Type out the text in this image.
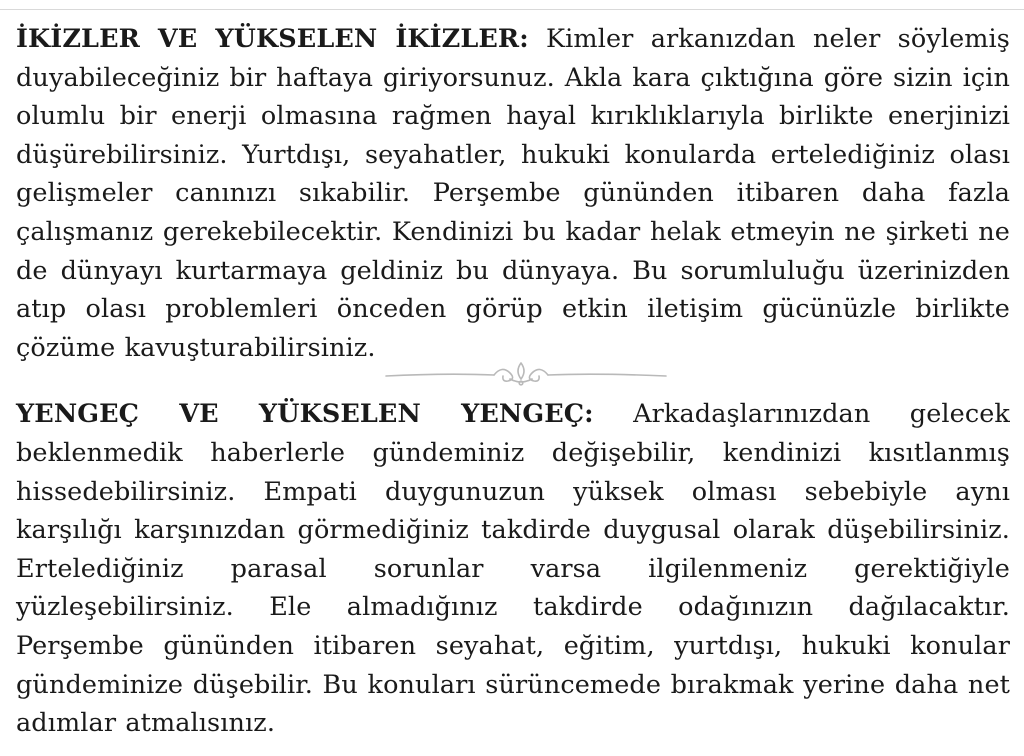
İKİZLER VE YÜKSELEN İKİZLER: Kimler arkanızdan neler söylemiş duyabileceğiniz bir haftaya giriyorsunuz. Akla kara çıktığına göre sizin için olumlu bir enerji olmasına rağmen hayal kırıklıklarıyla birlikte enerjinizi düşürebilirsiniz. Yurtdışı, seyahatler, hukuki konularda ertelediğiniz olası gelişmeler canınızı sıkabilir. Perşembe gününden itibaren daha fazla çalışmanız gerekebilecektir. Kendinizi bu kadar helak etmeyin ne şirketi ne de dünyayı kurtarmaya geldiniz bu dünyaya. Bu sorumluluğu üzerinizden atıp olası problemleri önceden görüp etkin iletişim gücünüzle birlikte çözüme kavuşturabilirsiniz.

YENGEÇ VE YÜKSELEN YENGEÇ: Arkadaşlarınızdan gelecek beklenmedik haberlerle gündeminiz değişebilir, kendinizi kısıtlanmış hissedebilirsiniz. Empati duygunuzun yüksek olması sebebiyle aynı karşılığı karşınızdan görmediğiniz takdirde duygusal olarak düşebilirsiniz. Ertelediğiniz parasal sorunlar varsa ilgilenmeniz gerektiğiyle yüzleşebilirsiniz. Ele almadığınız takdirde odağınızın dağılacaktır. Perşembe gününden itibaren seyahat, eğitim, yurtdışı, hukuki konular gündeminize düşebilir. Bu konuları sürüncemede bırakmak yerine daha net adımlar atmalısınız.
